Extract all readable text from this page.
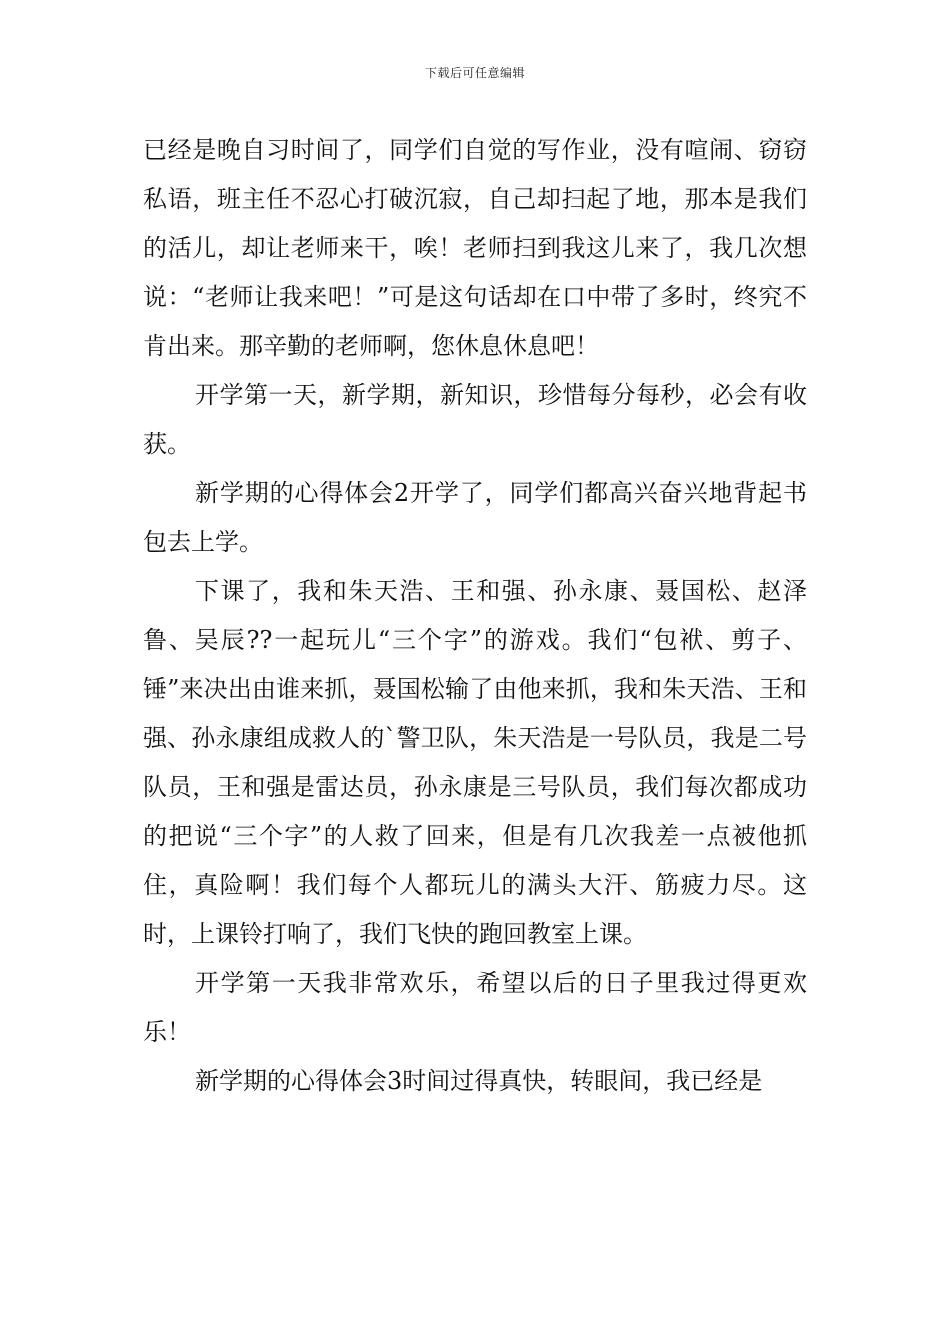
下载后可任意编辑

已经是晚自习时间了，同学们自觉的写作业，没有喧闹、窃窃私语，班主任不忍心打破沉寂，自己却扫起了地，那本是我们的活儿，却让老师来干，唉！老师扫到我这儿来了，我几次想说：“老师让我来吧！”可是这句话却在口中带了多时，终究不肯出来。那辛勤的老师啊，您休息休息吧！

开学第一天，新学期，新知识，珍惜每分每秒，必会有收获。

新学期的心得体会2开学了，同学们都高兴奋兴地背起书包去上学。

下课了，我和朱天浩、王和强、孙永康、聂国松、赵泽鲁、吴辰??一起玩儿“三个字”的游戏。我们“包袱、剪子、锤”来决出由谁来抓，聂国松输了由他来抓，我和朱天浩、王和强、孙永康组成救人的`警卫队，朱天浩是一号队员，我是二号队员，王和强是雷达员，孙永康是三号队员，我们每次都成功的把说“三个字”的人救了回来，但是有几次我差一点被他抓住，真险啊！我们每个人都玩儿的满头大汗、筋疲力尽。这时，上课铃打响了，我们飞快的跑回教室上课。

开学第一天我非常欢乐，希望以后的日子里我过得更欢乐！

新学期的心得体会3时间过得真快，转眼间，我已经是
